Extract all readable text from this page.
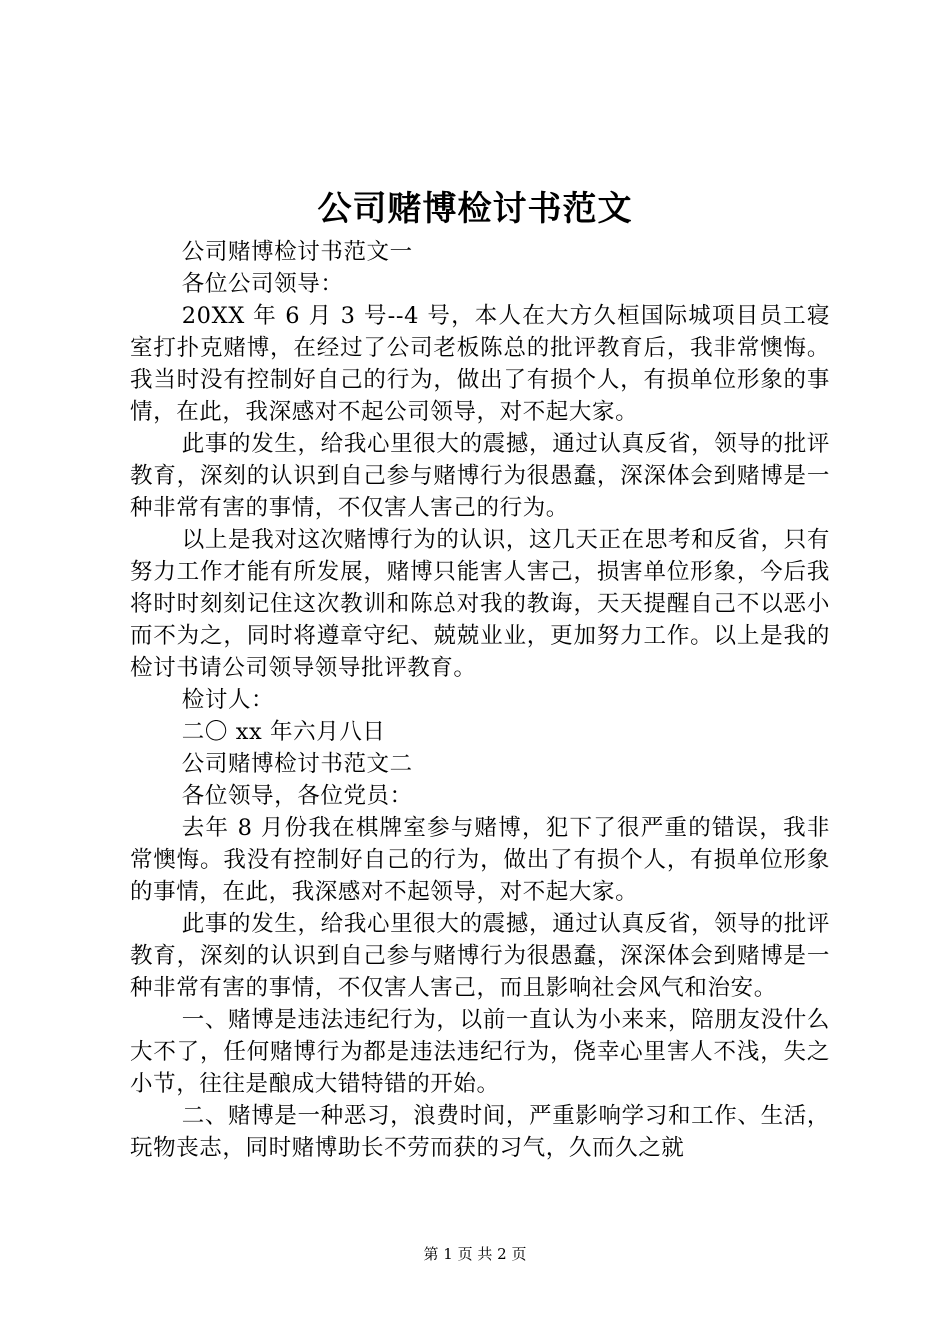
公司赌博检讨书范文

公司赌博检讨书范文一

各位公司领导：

20XX 年 6 月 3 号--4 号，本人在大方久桓国际城项目员工寝室打扑克赌博，在经过了公司老板陈总的批评教育后，我非常懊悔。我当时没有控制好自己的行为，做出了有损个人，有损单位形象的事情，在此，我深感对不起公司领导，对不起大家。

此事的发生，给我心里很大的震撼，通过认真反省，领导的批评教育，深刻的认识到自己参与赌博行为很愚蠢，深深体会到赌博是一种非常有害的事情，不仅害人害己的行为。

以上是我对这次赌博行为的认识，这几天正在思考和反省，只有努力工作才能有所发展，赌博只能害人害己，损害单位形象，今后我将时时刻刻记住这次教训和陈总对我的教诲，天天提醒自己不以恶小而不为之，同时将遵章守纪、兢兢业业，更加努力工作。以上是我的检讨书请公司领导领导批评教育。

检讨人：

二〇 xx 年六月八日

公司赌博检讨书范文二

各位领导，各位党员：

去年 8 月份我在棋牌室参与赌博，犯下了很严重的错误，我非常懊悔。我没有控制好自己的行为，做出了有损个人，有损单位形象的事情，在此，我深感对不起领导，对不起大家。

此事的发生，给我心里很大的震撼，通过认真反省，领导的批评教育，深刻的认识到自己参与赌博行为很愚蠢，深深体会到赌博是一种非常有害的事情，不仅害人害己，而且影响社会风气和治安。

一、赌博是违法违纪行为，以前一直认为小来来，陪朋友没什么大不了，任何赌博行为都是违法违纪行为，侥幸心里害人不浅，失之小节，往往是酿成大错特错的开始。

二、赌博是一种恶习，浪费时间，严重影响学习和工作、生活，玩物丧志，同时赌博助长不劳而获的习气，久而久之就

第 1 页 共 2 页
